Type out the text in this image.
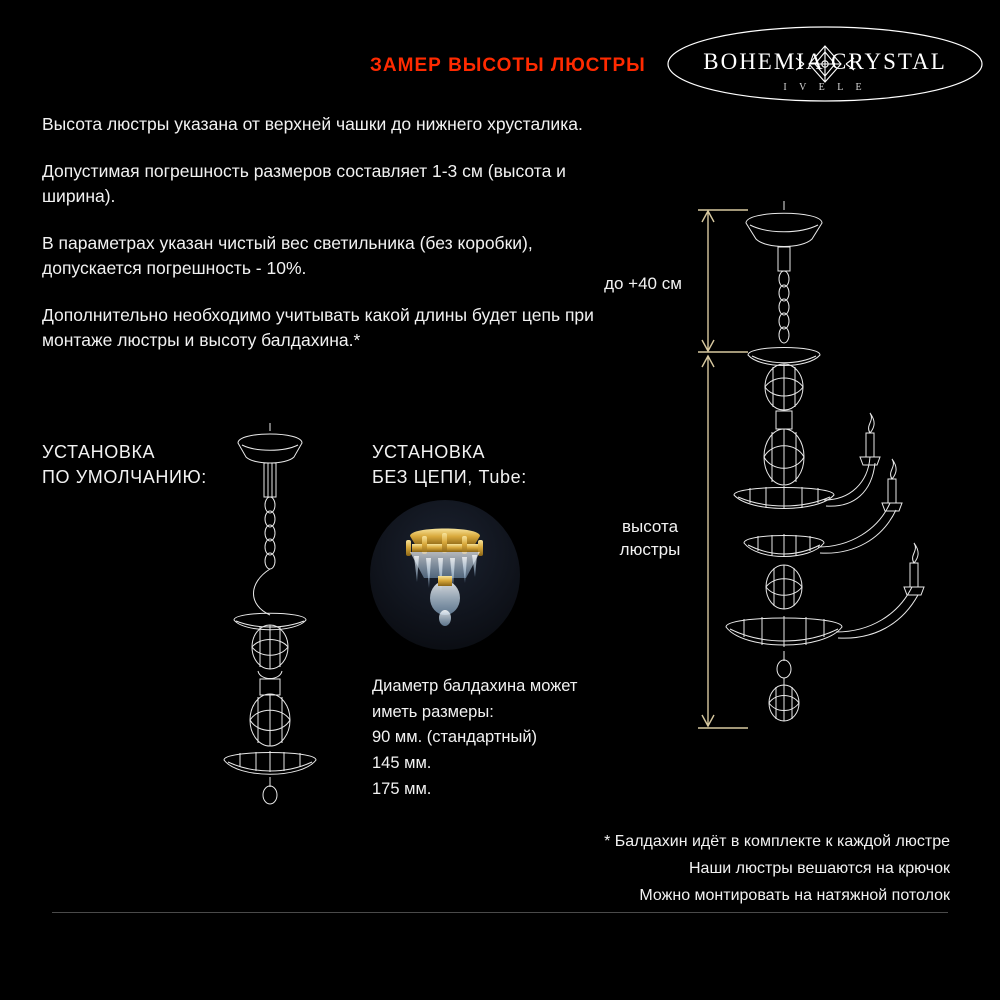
ЗАМЕР ВЫСОТЫ ЛЮСТРЫ	BOHEMIA CRYSTAL
I V E L E

Высота люстры указана от верхней чашки до нижнего хрусталика.

Допустимая погрешность размеров составляет 1-3 см (высота и ширина).

В параметрах указан чистый вес светильника (без коробки), допускается погрешность - 10%.

Дополнительно необходимо учитывать какой длины будет цепь при монтаже люстры и высоту балдахина.*

УСТАНОВКА
ПО УМОЛЧАНИЮ:
УСТАНОВКА
БЕЗ ЦЕПИ, Tube:
Диаметр балдахина может
иметь размеры:
90 мм. (стандартный)
145 мм.
175 мм.
* Балдахин идёт в комплекте к каждой люстре
Наши люстры вешаются на крючок
Можно монтировать на натяжной потолок
до +40 см
высота
люстры
